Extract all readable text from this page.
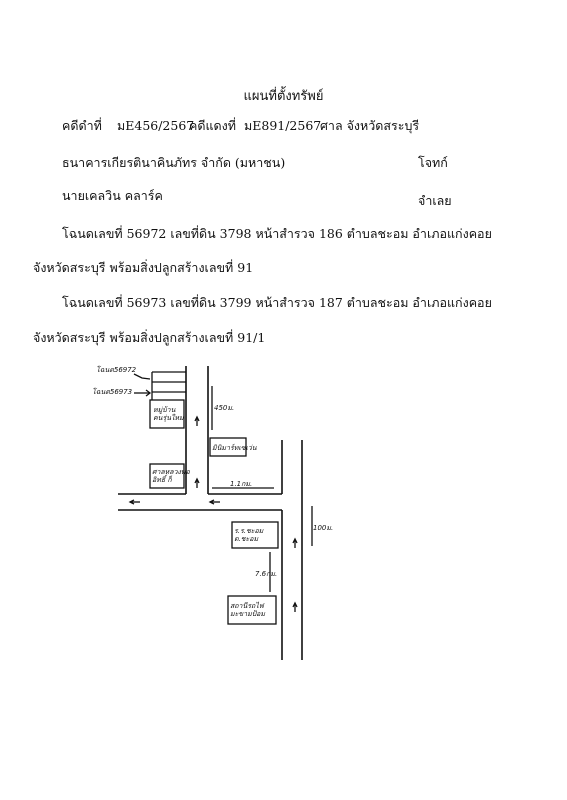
แผนที่ตั้งทรัพย์
คดีดำที่ มE456/2567
คดีแดงที่ มE891/2567
ศาล จังหวัดสระบุรี
ธนาคารเกียรตินาคินภัทร จำกัด (มหาชน)	โจทก์
นายเคลวิน คลาร์ค	จำเลย
โฉนดเลขที่ 56972 เลขที่ดิน 3798 หน้าสำรวจ 186 ตำบลชะอม อำเภอแก่งคอย
จังหวัดสระบุรี พร้อมสิ่งปลูกสร้างเลขที่ 91
โฉนดเลขที่ 56973 เลขที่ดิน 3799 หน้าสำรวจ 187 ตำบลชะอม อำเภอแก่งคอย
จังหวัดสระบุรี พร้อมสิ่งปลูกสร้างเลขที่ 91/1
โฉนด56972
โฉนด56973
หมู่บ้านคนรุ่นใหม่
450ม.
มินิมาร์ทเซเว่น
ศาลหลวงพ่ออิทธิ์ ก็	1.1กม.
100ม.
ร.ร.ชะอมต.ชะอม
7.6กม.
สถานีรถไฟมะขามป้อม
